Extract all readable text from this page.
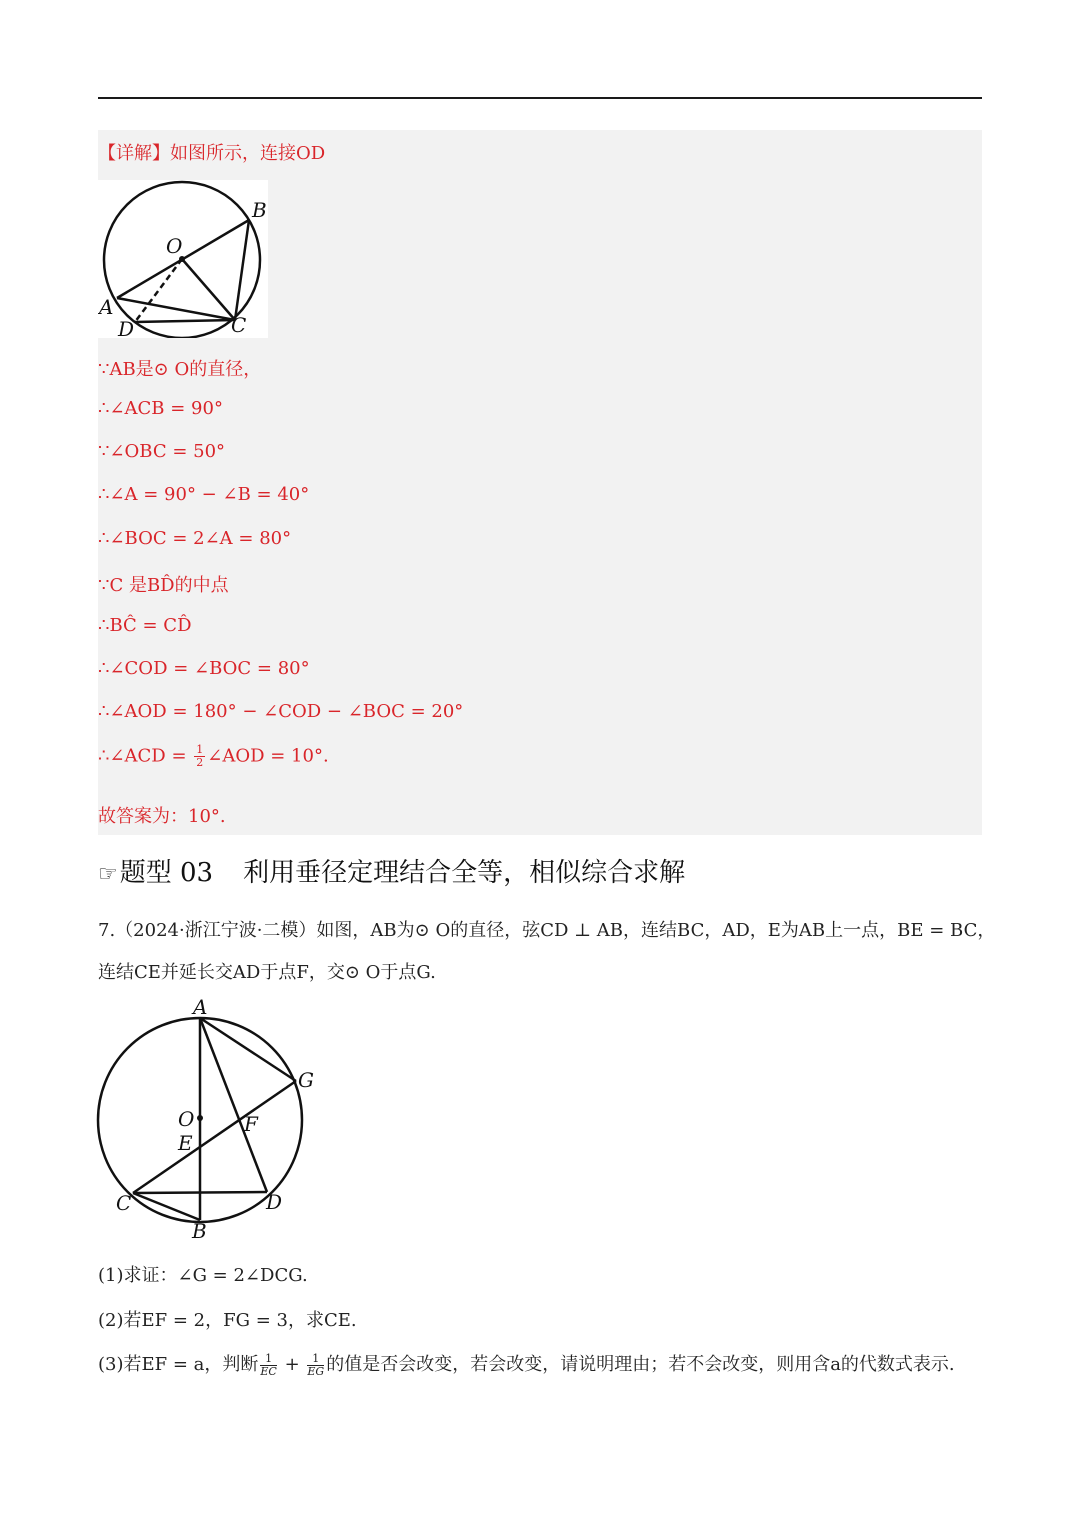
【详解】如图所示，连接OD
O
B
A
D	C
∵AB是⊙ O的直径，
∴∠ACB = 90°
∵∠OBC = 50°
∴∠A = 90° − ∠B = 40°
∴∠BOC = 2∠A = 80°
∵C 是BD̂的中点
∴BĈ = CD̂
∴∠COD = ∠BOC = 80°
∴∠AOD = 180° − ∠COD − ∠BOC = 20°
∴∠ACD = $\frac{1}{2}$ ∠AOD = 10°.
故答案为：10°.
☞题型 03 利用垂径定理结合全等，相似综合求解
7.（2024·浙江宁波·二模）如图，AB为⊙ O的直径，弦CD ⊥ AB，连结BC，AD，E为AB上一点，BE = BC，
连结CE并延长交AD于点F，交⊙ O于点G.
A
G
O
E
F
C	D
B
(1)求证：∠G = 2∠DCG.
(2)若EF = 2，FG = 3，求CE.
(3)若EF = a，判断 $\frac{1}{EC} + \frac{1}{EG}$ 的值是否会改变，若会改变，请说明理由；若不会改变，则用含a的代数式表示.
